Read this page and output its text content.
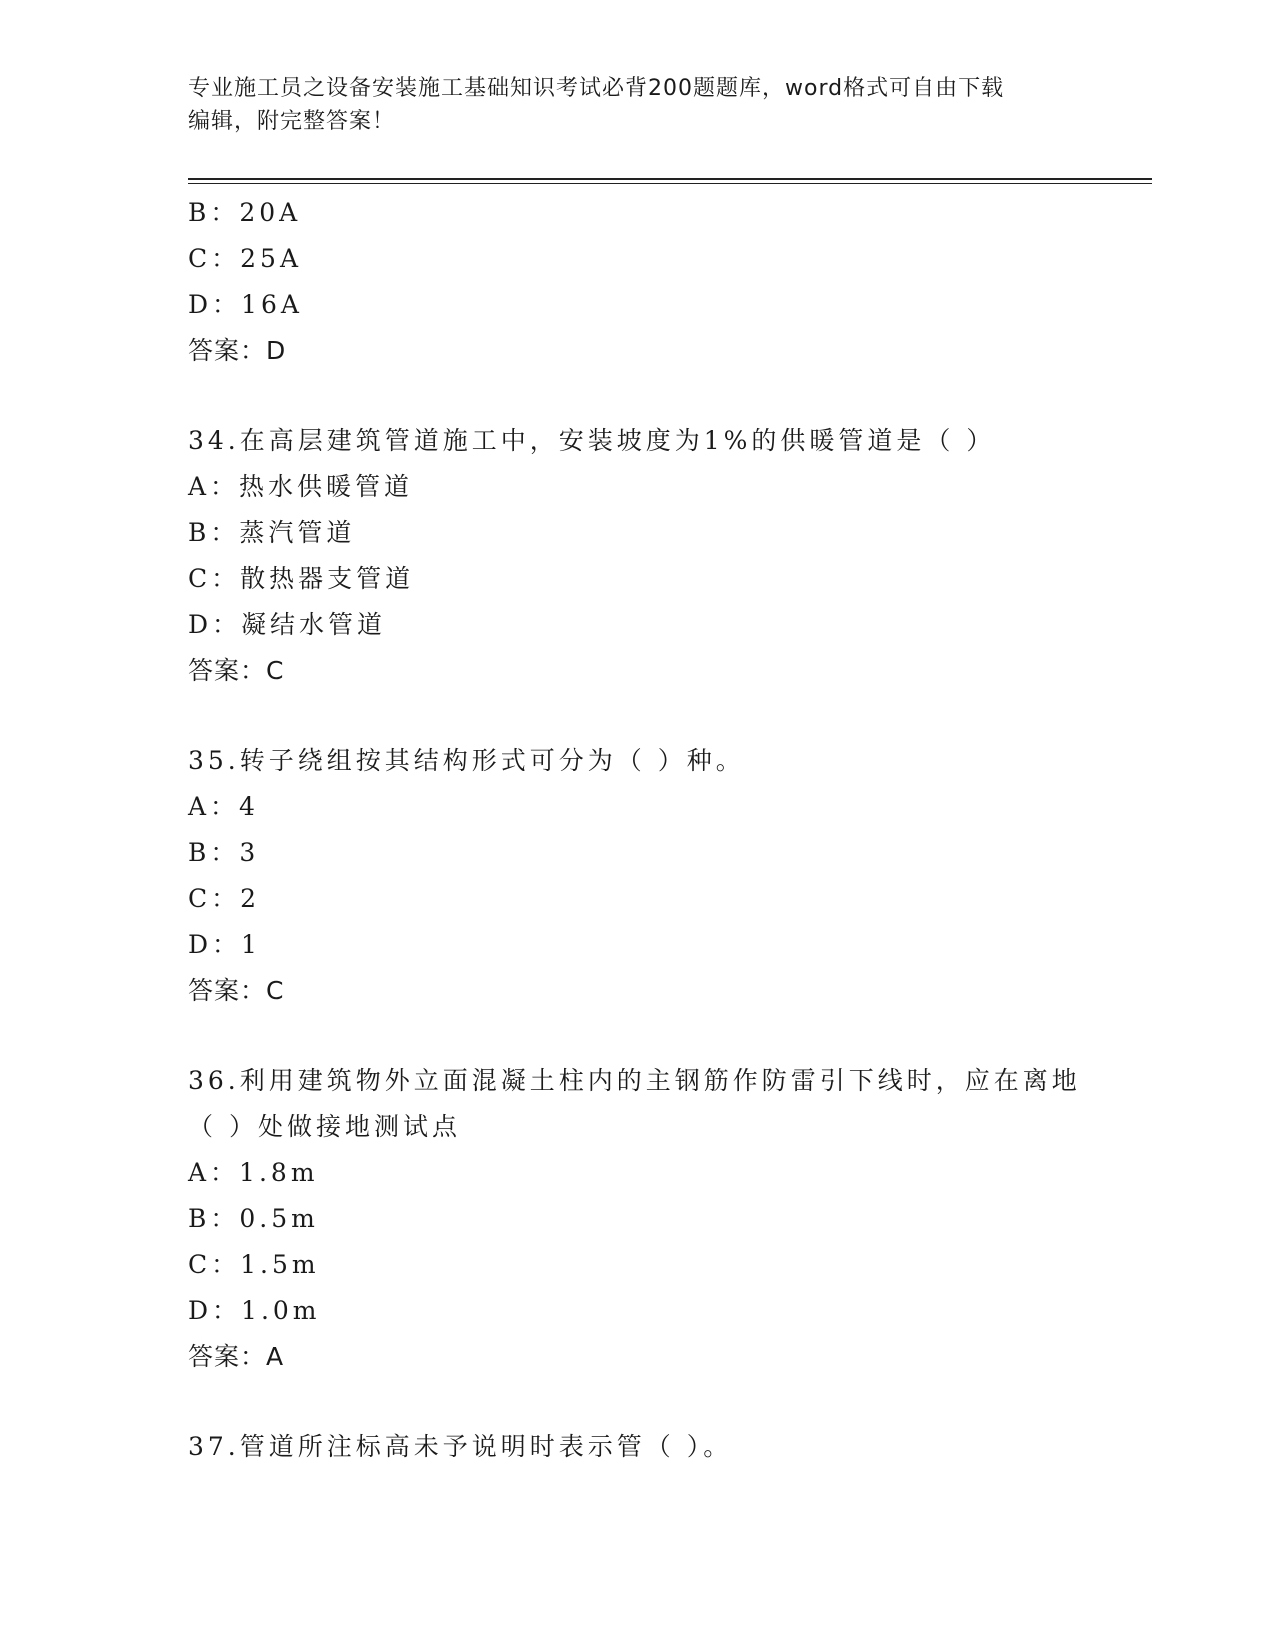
专业施工员之设备安装施工基础知识考试必背200题题库，word格式可自由下载
编辑，附完整答案！
B：20A
C：25A
D：16A
答案：D
34.在高层建筑管道施工中，安装坡度为1%的供暖管道是（ ）
A：热水供暖管道
B：蒸汽管道
C：散热器支管道
D：凝结水管道
答案：C
35.转子绕组按其结构形式可分为（ ）种。
A：4
B：3
C：2
D：1
答案：C
36.利用建筑物外立面混凝土柱内的主钢筋作防雷引下线时，应在离地
（ ）处做接地测试点
A：1.8m
B：0.5m
C：1.5m
D：1.0m
答案：A
37.管道所注标高未予说明时表示管（ ）。
